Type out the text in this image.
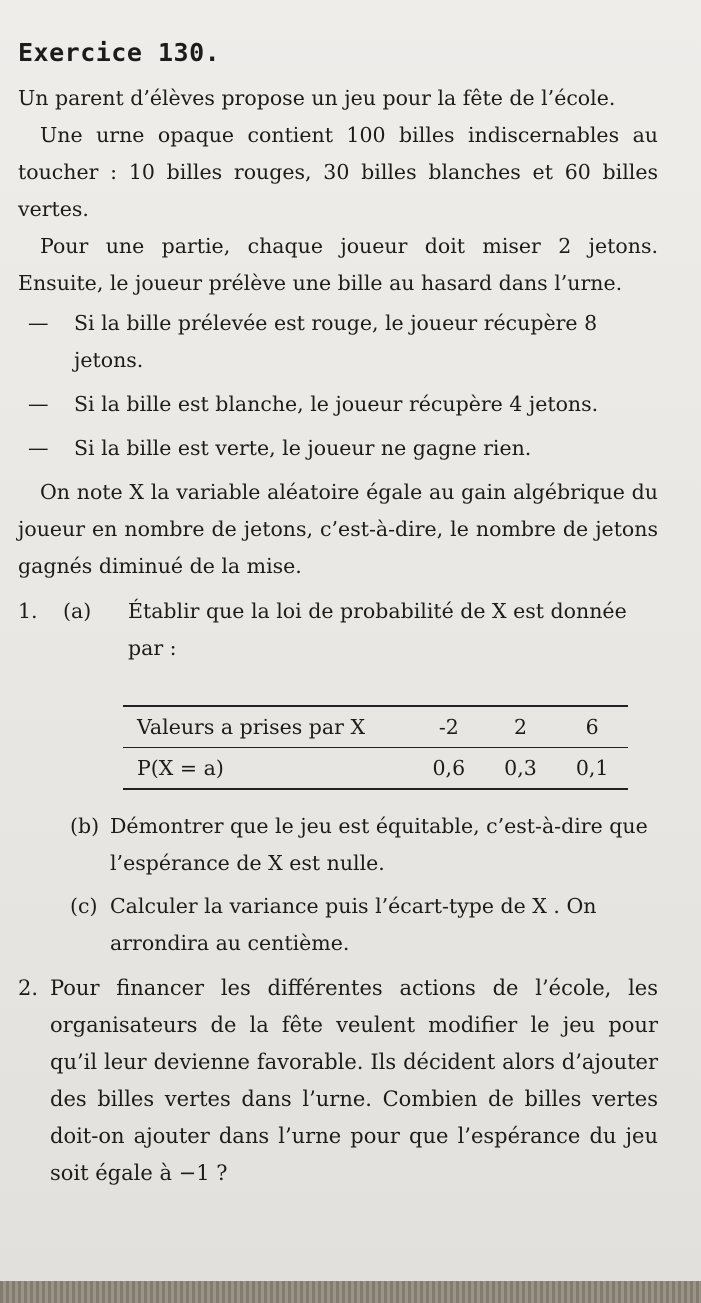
Exercice 130.

Un parent d’élèves propose un jeu pour la fête de l’école.

Une urne opaque contient 100 billes indiscernables au toucher : 10 billes rouges, 30 billes blanches et 60 billes vertes.

Pour une partie, chaque joueur doit miser 2 jetons. Ensuite, le joueur prélève une bille au hasard dans l’urne.

— Si la bille prélevée est rouge, le joueur récupère 8 jetons.
— Si la bille est blanche, le joueur récupère 4 jetons.
— Si la bille est verte, le joueur ne gagne rien.

On note X la variable aléatoire égale au gain algébrique du joueur en nombre de jetons, c’est-à-dire, le nombre de jetons gagnés diminué de la mise.

1. (a) Établir que la loi de probabilité de X est donnée par :
Valeurs a prises par X	-2	2	6
P(X = a)	0,6	0,3	0,1
(b) Démontrer que le jeu est équitable, c’est-à-dire que l’espérance de X est nulle.
(c) Calculer la variance puis l’écart-type de X . On arrondira au centième.
2. Pour financer les différentes actions de l’école, les organisateurs de la fête veulent modifier le jeu pour qu’il leur devienne favorable. Ils décident alors d’ajouter des billes vertes dans l’urne. Combien de billes vertes doit-on ajouter dans l’urne pour que l’espérance du jeu soit égale à −1 ?
